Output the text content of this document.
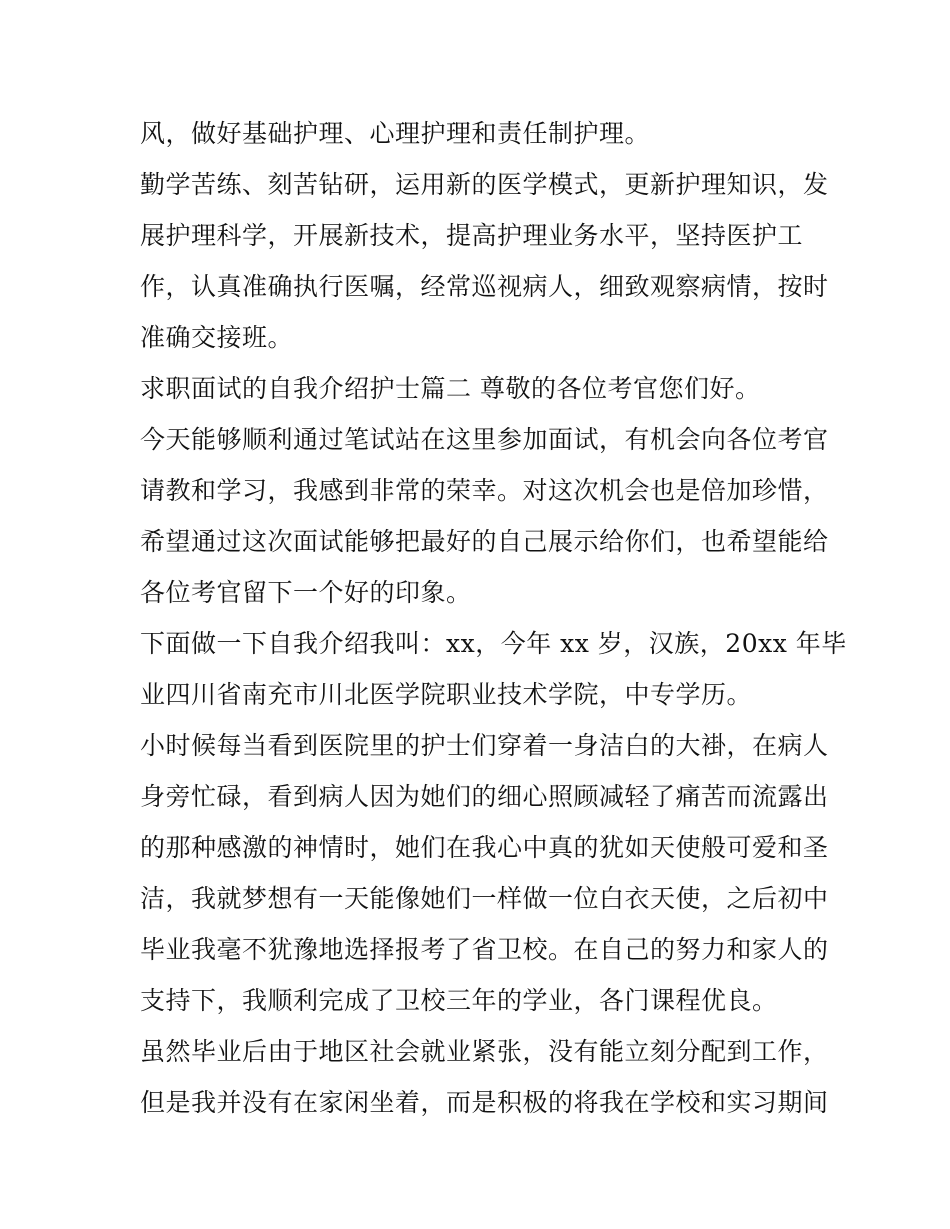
风，做好基础护理、心理护理和责任制护理。
勤学苦练、刻苦钻研，运用新的医学模式，更新护理知识，发
展护理科学，开展新技术，提高护理业务水平，坚持医护工
作，认真准确执行医嘱，经常巡视病人，细致观察病情，按时
准确交接班。
求职面试的自我介绍护士篇二 尊敬的各位考官您们好。
今天能够顺利通过笔试站在这里参加面试，有机会向各位考官
请教和学习，我感到非常的荣幸。对这次机会也是倍加珍惜，
希望通过这次面试能够把最好的自己展示给你们，也希望能给
各位考官留下一个好的印象。
下面做一下自我介绍我叫：xx，今年 xx 岁，汉族，20xx 年毕
业四川省南充市川北医学院职业技术学院，中专学历。
小时候每当看到医院里的护士们穿着一身洁白的大褂，在病人
身旁忙碌，看到病人因为她们的细心照顾减轻了痛苦而流露出
的那种感激的神情时，她们在我心中真的犹如天使般可爱和圣
洁，我就梦想有一天能像她们一样做一位白衣天使，之后初中
毕业我毫不犹豫地选择报考了省卫校。在自己的努力和家人的
支持下，我顺利完成了卫校三年的学业，各门课程优良。
虽然毕业后由于地区社会就业紧张，没有能立刻分配到工作，
但是我并没有在家闲坐着，而是积极的将我在学校和实习期间
